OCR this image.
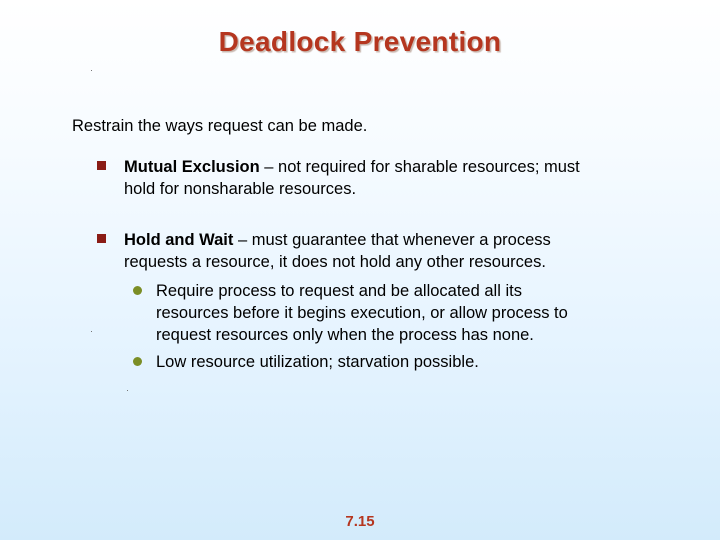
Deadlock Prevention
Restrain the ways request can be made.
Mutual Exclusion – not required for sharable resources; must hold for nonsharable resources.
Hold and Wait – must guarantee that whenever a process requests a resource, it does not hold any other resources.
Require process to request and be allocated all its resources before it begins execution, or allow process to request resources only when the process has none.
Low resource utilization; starvation possible.
7.15
